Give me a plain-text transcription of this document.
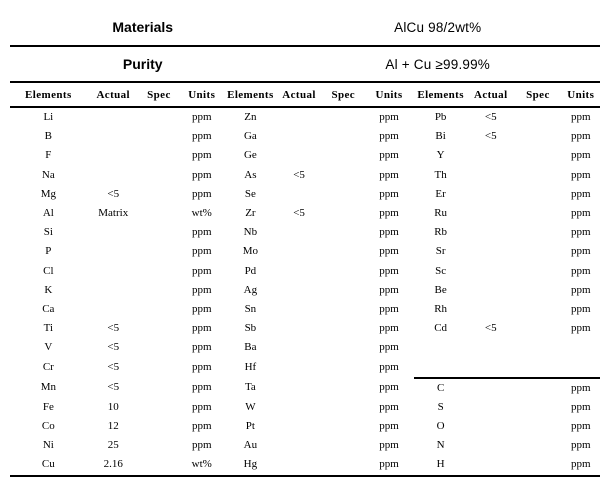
Materials					AlCu 98/2wt%						
Purity					Al + Cu ≥99.99%						
Elements	Actual	Spec	Units	Elements	Actual	Spec	Units	Elements	Actual	Spec	Units
Li			ppm	Zn			ppm	Pb	<5		ppm
B			ppm	Ga			ppm	Bi	<5		ppm
F			ppm	Ge			ppm	Y			ppm
Na			ppm	As	<5		ppm	Th			ppm
Mg	<5		ppm	Se			ppm	Er			ppm
Al	Matrix		wt%	Zr	<5		ppm	Ru			ppm
Si			ppm	Nb			ppm	Rb			ppm
P			ppm	Mo			ppm	Sr			ppm
Cl			ppm	Pd			ppm	Sc			ppm
K			ppm	Ag			ppm	Be			ppm
Ca			ppm	Sn			ppm	Rh			ppm
Ti	<5		ppm	Sb			ppm	Cd	<5		ppm
V	<5		ppm	Ba			ppm				
Cr	<5		ppm	Hf			ppm				
Mn	<5		ppm	Ta			ppm	C			ppm
Fe	10		ppm	W			ppm	S			ppm
Co	12		ppm	Pt			ppm	O			ppm
Ni	25		ppm	Au			ppm	N			ppm
Cu	2.16		wt%	Hg			ppm	H			ppm
